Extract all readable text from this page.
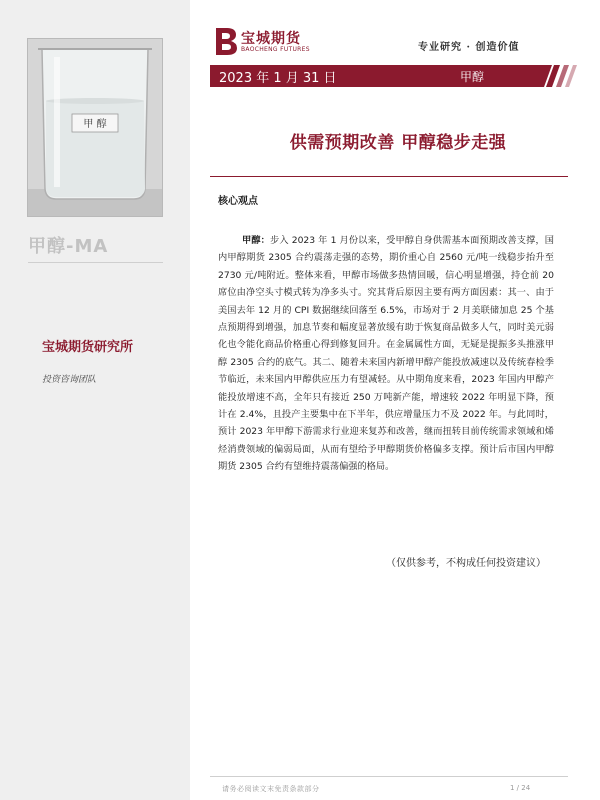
甲 醇
甲醇-MA
宝城期货研究所
投资咨询团队
宝城期货
BAOCHENG FUTURES	专业研究 · 创造价值
2023 年 1 月 31 日	甲醇
供需预期改善 甲醇稳步走强
核心观点
甲醇：步入 2023 年 1 月份以来，受甲醇自身供需基本面预期改善支撑，国内甲醇期货 2305 合约震荡走强的态势，期价重心自 2560 元/吨一线稳步抬升至 2730 元/吨附近。整体来看，甲醇市场做多热情回暖，信心明显增强，持仓前 20 席位由净空头寸模式转为净多头寸。究其背后原因主要有两方面因素：其一、由于美国去年 12 月的 CPI 数据继续回落至 6.5%，市场对于 2 月美联储加息 25 个基点预期得到增强，加息节奏和幅度显著放缓有助于恢复商品做多人气，同时美元弱化也令能化商品价格重心得到修复回升。在金属属性方面，无疑是提振多头推涨甲醇 2305 合约的底气。其二、随着未来国内新增甲醇产能投放减速以及传统春检季节临近，未来国内甲醇供应压力有望减轻。从中期角度来看，2023 年国内甲醇产能投放增速不高，全年只有接近 250 万吨新产能，增速较 2022 年明显下降，预计在 2.4%，且投产主要集中在下半年，供应增量压力不及 2022 年。与此同时，预计 2023 年甲醇下游需求行业迎来复苏和改善，继而扭转目前传统需求领域和烯烃消费领域的偏弱局面，从而有望给予甲醇期货价格偏多支撑。预计后市国内甲醇期货 2305 合约有望维持震荡偏强的格局。
（仅供参考，不构成任何投资建议）
请务必阅读文末免责条款部分	1 / 24
